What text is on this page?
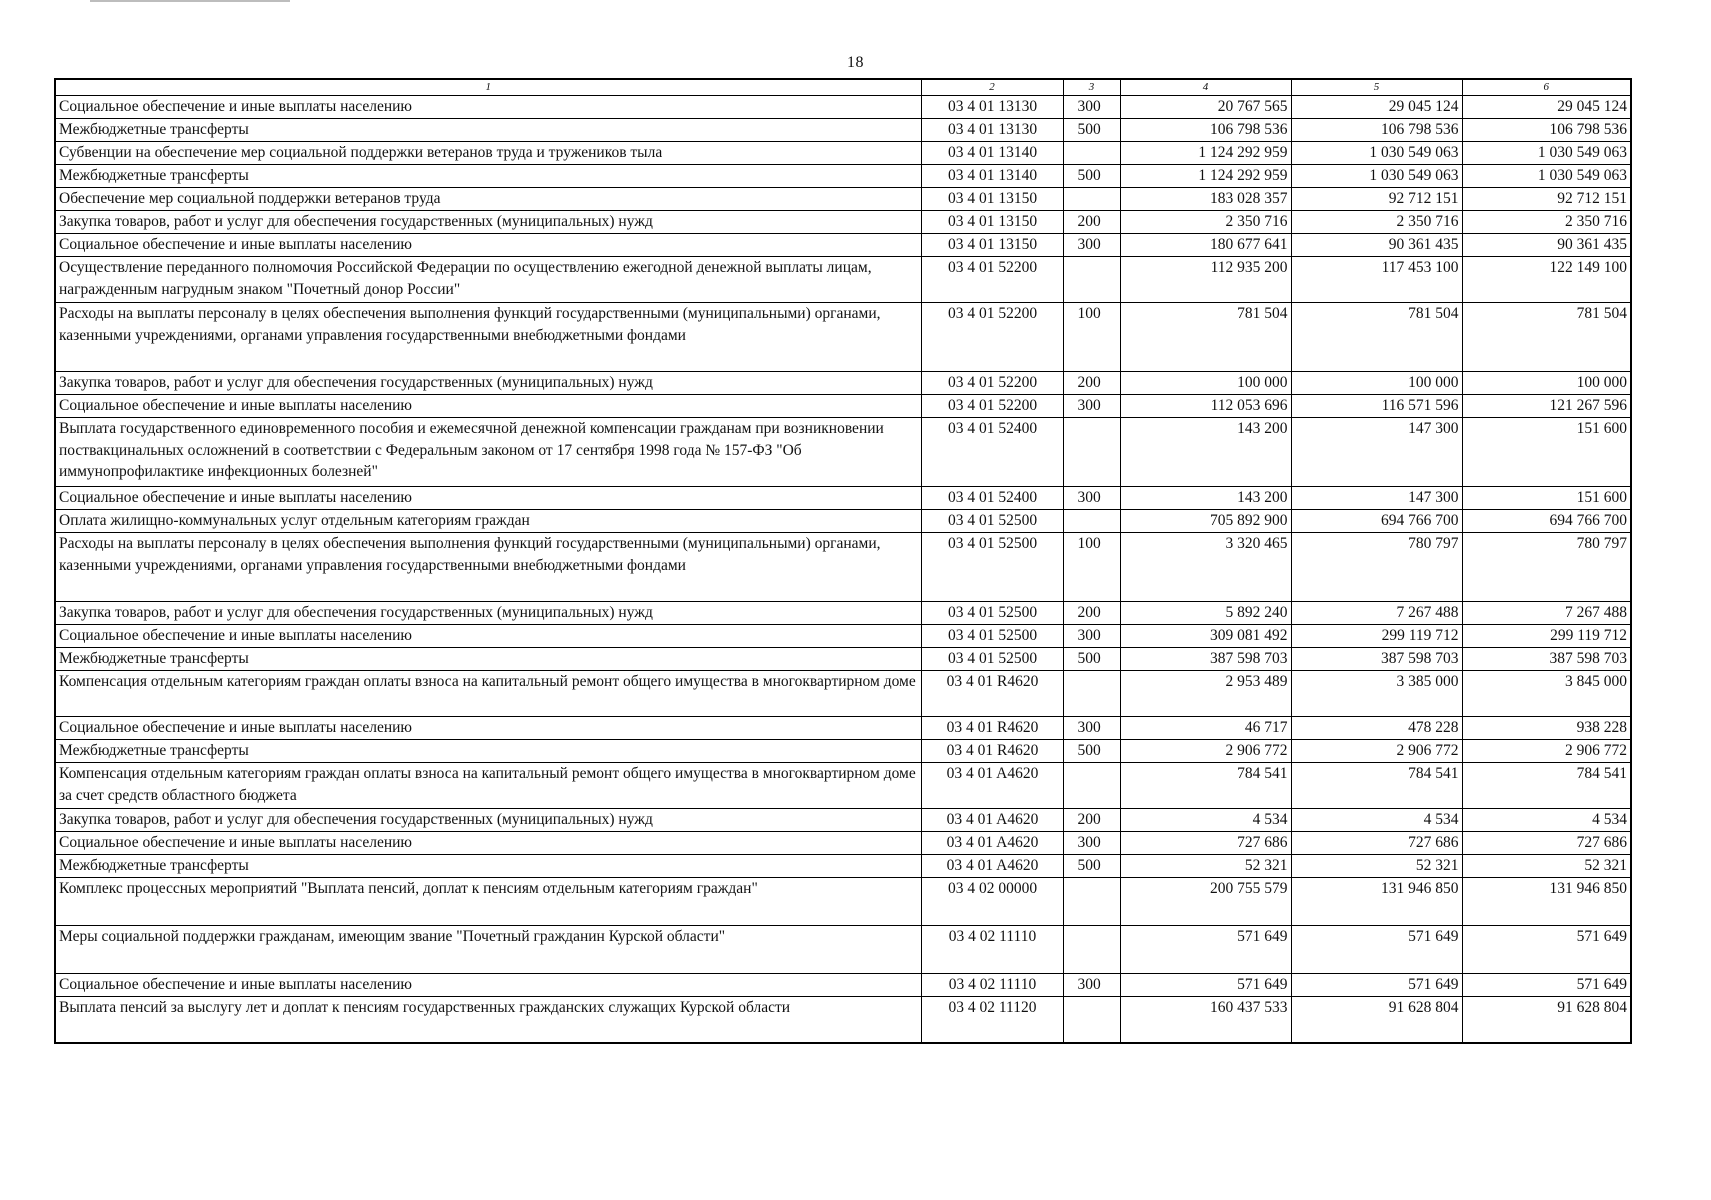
18
1	2	3	4	5	6
Социальное обеспечение и иные выплаты населению	03 4 01 13130	300	20 767 565	29 045 124	29 045 124
Межбюджетные трансферты	03 4 01 13130	500	106 798 536	106 798 536	106 798 536
Субвенции на обеспечение мер социальной поддержки ветеранов труда и тружеников тыла	03 4 01 13140		1 124 292 959	1 030 549 063	1 030 549 063
Межбюджетные трансферты	03 4 01 13140	500	1 124 292 959	1 030 549 063	1 030 549 063
Обеспечение мер социальной поддержки ветеранов труда	03 4 01 13150		183 028 357	92 712 151	92 712 151
Закупка товаров, работ и услуг для обеспечения государственных (муниципальных) нужд	03 4 01 13150	200	2 350 716	2 350 716	2 350 716
Социальное обеспечение и иные выплаты населению	03 4 01 13150	300	180 677 641	90 361 435	90 361 435
Осуществление переданного полномочия Российской Федерации по осуществлению ежегодной денежной выплаты лицам, награжденным нагрудным знаком "Почетный донор России"	03 4 01 52200		112 935 200	117 453 100	122 149 100
Расходы на выплаты персоналу в целях обеспечения выполнения функций государственными (муниципальными) органами, казенными учреждениями, органами управления государственными внебюджетными фондами	03 4 01 52200	100	781 504	781 504	781 504
Закупка товаров, работ и услуг для обеспечения государственных (муниципальных) нужд	03 4 01 52200	200	100 000	100 000	100 000
Социальное обеспечение и иные выплаты населению	03 4 01 52200	300	112 053 696	116 571 596	121 267 596
Выплата государственного единовременного пособия и ежемесячной денежной компенсации гражданам при возникновении поствакцинальных осложнений в соответствии с Федеральным законом от 17 сентября 1998 года № 157-ФЗ "Об иммунопрофилактике инфекционных болезней"	03 4 01 52400		143 200	147 300	151 600
Социальное обеспечение и иные выплаты населению	03 4 01 52400	300	143 200	147 300	151 600
Оплата жилищно-коммунальных услуг отдельным категориям граждан	03 4 01 52500		705 892 900	694 766 700	694 766 700
Расходы на выплаты персоналу в целях обеспечения выполнения функций государственными (муниципальными) органами, казенными учреждениями, органами управления государственными внебюджетными фондами	03 4 01 52500	100	3 320 465	780 797	780 797
Закупка товаров, работ и услуг для обеспечения государственных (муниципальных) нужд	03 4 01 52500	200	5 892 240	7 267 488	7 267 488
Социальное обеспечение и иные выплаты населению	03 4 01 52500	300	309 081 492	299 119 712	299 119 712
Межбюджетные трансферты	03 4 01 52500	500	387 598 703	387 598 703	387 598 703
Компенсация отдельным категориям граждан оплаты взноса на капитальный ремонт общего имущества в многоквартирном доме	03 4 01 R4620		2 953 489	3 385 000	3 845 000
Социальное обеспечение и иные выплаты населению	03 4 01 R4620	300	46 717	478 228	938 228
Межбюджетные трансферты	03 4 01 R4620	500	2 906 772	2 906 772	2 906 772
Компенсация отдельным категориям граждан оплаты взноса на капитальный ремонт общего имущества в многоквартирном доме за счет средств областного бюджета	03 4 01 A4620		784 541	784 541	784 541
Закупка товаров, работ и услуг для обеспечения государственных (муниципальных) нужд	03 4 01 A4620	200	4 534	4 534	4 534
Социальное обеспечение и иные выплаты населению	03 4 01 A4620	300	727 686	727 686	727 686
Межбюджетные трансферты	03 4 01 A4620	500	52 321	52 321	52 321
Комплекс процессных мероприятий "Выплата пенсий, доплат к пенсиям отдельным категориям граждан"	03 4 02 00000		200 755 579	131 946 850	131 946 850
Меры социальной поддержки гражданам, имеющим звание "Почетный гражданин Курской области"	03 4 02 11110		571 649	571 649	571 649
Социальное обеспечение и иные выплаты населению	03 4 02 11110	300	571 649	571 649	571 649
Выплата пенсий за выслугу лет и доплат к пенсиям государственных гражданских служащих Курской области	03 4 02 11120		160 437 533	91 628 804	91 628 804
